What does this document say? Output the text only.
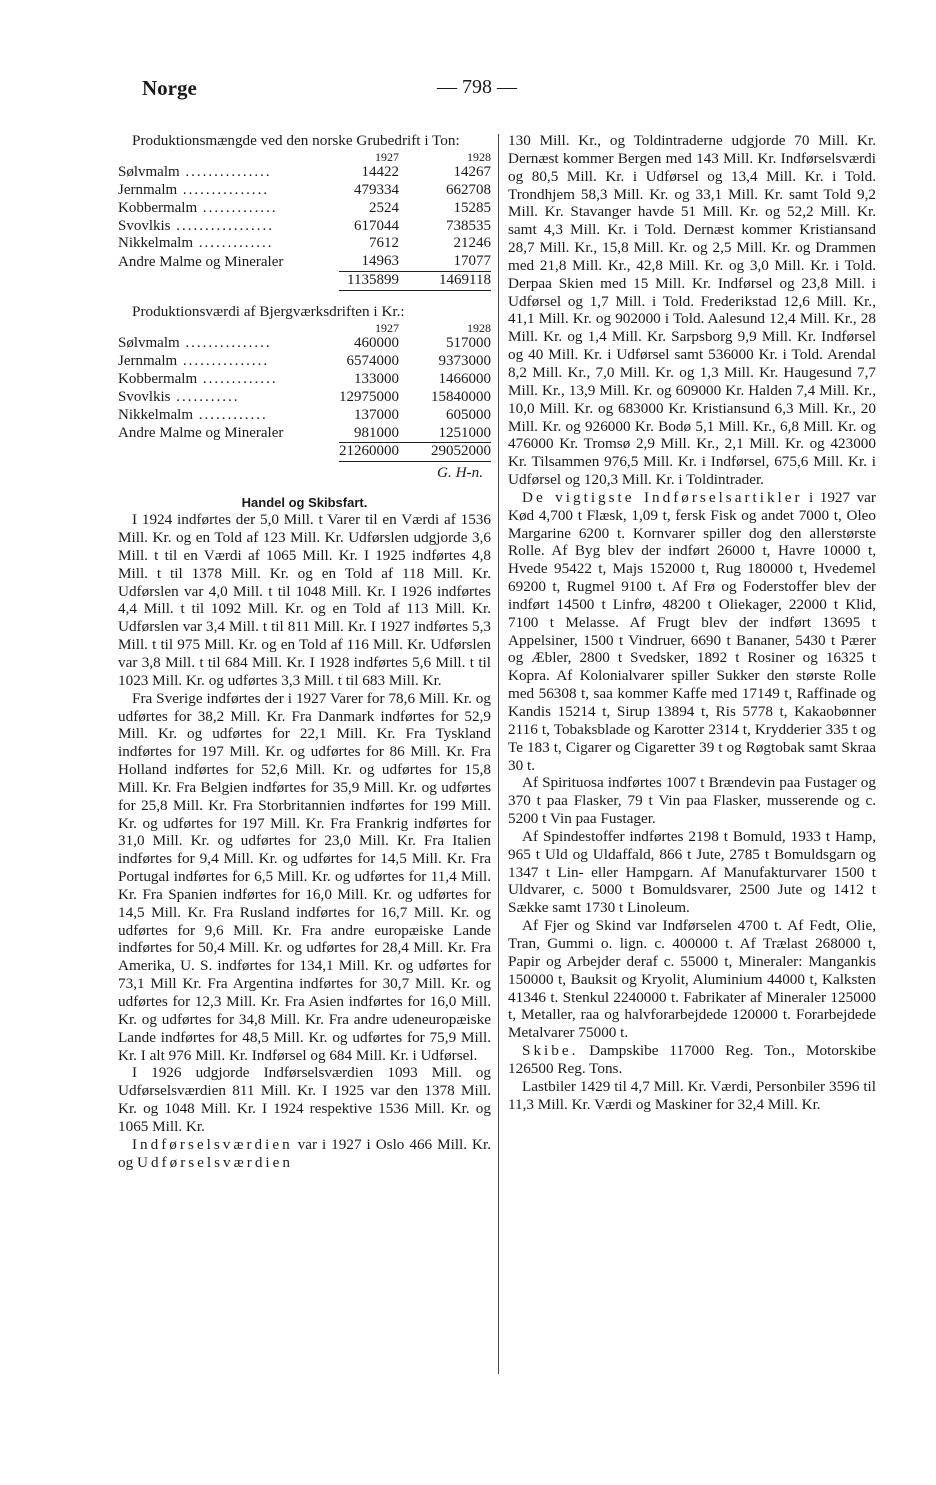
Norge	— 798 —

Produktionsmængde ved den norske Grubedrift i Ton:

	1927	1928
Sølvmalm ...............	14422	14267
Jernmalm ...............	479334	662708
Kobbermalm .............	2524	15285
Svovlkis .................	617044	738535
Nikkelmalm .............	7612	21246
Andre Malme og Mineraler	14963	17077
	1135899	1469118

Produktionsværdi af Bjergværksdriften i Kr.:

	1927	1928
Sølvmalm ...............	460000	517000
Jernmalm ...............	6574000	9373000
Kobbermalm .............	133000	1466000
Svovlkis ...........	12975000	15840000
Nikkelmalm ............	137000	605000
Andre Malme og Mineraler	981000	1251000
	21260000	29052000

G. H-n.

Handel og Skibsfart.

I 1924 indførtes der 5,0 Mill. t Varer til en Værdi af 1536 Mill. Kr. og en Told af 123 Mill. Kr. Udførslen udgjorde 3,6 Mill. t til en Værdi af 1065 Mill. Kr. I 1925 indførtes 4,8 Mill. t til 1378 Mill. Kr. og en Told af 118 Mill. Kr. Udførslen var 4,0 Mill. t til 1048 Mill. Kr. I 1926 indførtes 4,4 Mill. t til 1092 Mill. Kr. og en Told af 113 Mill. Kr. Udførslen var 3,4 Mill. t til 811 Mill. Kr. I 1927 indførtes 5,3 Mill. t til 975 Mill. Kr. og en Told af 116 Mill. Kr. Udførslen var 3,8 Mill. t til 684 Mill. Kr. I 1928 indførtes 5,6 Mill. t til 1023 Mill. Kr. og udførtes 3,3 Mill. t til 683 Mill. Kr.

Fra Sverige indførtes der i 1927 Varer for 78,6 Mill. Kr. og udførtes for 38,2 Mill. Kr. Fra Danmark indførtes for 52,9 Mill. Kr. og udførtes for 22,1 Mill. Kr. Fra Tyskland indførtes for 197 Mill. Kr. og udførtes for 86 Mill. Kr. Fra Holland indførtes for 52,6 Mill. Kr. og udførtes for 15,8 Mill. Kr. Fra Belgien indførtes for 35,9 Mill. Kr. og udførtes for 25,8 Mill. Kr. Fra Storbritannien indførtes for 199 Mill. Kr. og udførtes for 197 Mill. Kr. Fra Frankrig indførtes for 31,0 Mill. Kr. og udførtes for 23,0 Mill. Kr. Fra Italien indførtes for 9,4 Mill. Kr. og udførtes for 14,5 Mill. Kr. Fra Portugal indførtes for 6,5 Mill. Kr. og udførtes for 11,4 Mill. Kr. Fra Spanien indførtes for 16,0 Mill. Kr. og udførtes for 14,5 Mill. Kr. Fra Rusland indførtes for 16,7 Mill. Kr. og udførtes for 9,6 Mill. Kr. Fra andre europæiske Lande indførtes for 50,4 Mill. Kr. og udførtes for 28,4 Mill. Kr. Fra Amerika, U. S. indførtes for 134,1 Mill. Kr. og udførtes for 73,1 Mill Kr. Fra Argentina indførtes for 30,7 Mill. Kr. og udførtes for 12,3 Mill. Kr. Fra Asien indførtes for 16,0 Mill. Kr. og udførtes for 34,8 Mill. Kr. Fra andre udeneuropæiske Lande indførtes for 48,5 Mill. Kr. og udførtes for 75,9 Mill. Kr. I alt 976 Mill. Kr. Indførsel og 684 Mill. Kr. i Udførsel.

I 1926 udgjorde Indførselsværdien 1093 Mill. og Udførselsværdien 811 Mill. Kr. I 1925 var den 1378 Mill. Kr. og 1048 Mill. Kr. I 1924 respektive 1536 Mill. Kr. og 1065 Mill. Kr.

Indførselsværdien var i 1927 i Oslo 466 Mill. Kr. og Udførselsværdien

130 Mill. Kr., og Toldintraderne udgjorde 70 Mill. Kr. Dernæst kommer Bergen med 143 Mill. Kr. Indførselsværdi og 80,5 Mill. Kr. i Udførsel og 13,4 Mill. Kr. i Told. Trondhjem 58,3 Mill. Kr. og 33,1 Mill. Kr. samt Told 9,2 Mill. Kr. Stavanger havde 51 Mill. Kr. og 52,2 Mill. Kr. samt 4,3 Mill. Kr. i Told. Dernæst kommer Kristiansand 28,7 Mill. Kr., 15,8 Mill. Kr. og 2,5 Mill. Kr. og Drammen med 21,8 Mill. Kr., 42,8 Mill. Kr. og 3,0 Mill. Kr. i Told. Derpaa Skien med 15 Mill. Kr. Indførsel og 23,8 Mill. i Udførsel og 1,7 Mill. i Told. Frederikstad 12,6 Mill. Kr., 41,1 Mill. Kr. og 902000 i Told. Aalesund 12,4 Mill. Kr., 28 Mill. Kr. og 1,4 Mill. Kr. Sarpsborg 9,9 Mill. Kr. Indførsel og 40 Mill. Kr. i Udførsel samt 536000 Kr. i Told. Arendal 8,2 Mill. Kr., 7,0 Mill. Kr. og 1,3 Mill. Kr. Haugesund 7,7 Mill. Kr., 13,9 Mill. Kr. og 609000 Kr. Halden 7,4 Mill. Kr., 10,0 Mill. Kr. og 683000 Kr. Kristiansund 6,3 Mill. Kr., 20 Mill. Kr. og 926000 Kr. Bodø 5,1 Mill. Kr., 6,8 Mill. Kr. og 476000 Kr. Tromsø 2,9 Mill. Kr., 2,1 Mill. Kr. og 423000 Kr. Tilsammen 976,5 Mill. Kr. i Indførsel, 675,6 Mill. Kr. i Udførsel og 120,3 Mill. Kr. i Toldintrader.

De vigtigste Indførselsartikler i 1927 var Kød 4,700 t Flæsk, 1,09 t, fersk Fisk og andet 7000 t, Oleo Margarine 6200 t. Kornvarer spiller dog den allerstørste Rolle. Af Byg blev der indført 26000 t, Havre 10000 t, Hvede 95422 t, Majs 152000 t, Rug 180000 t, Hvedemel 69200 t, Rugmel 9100 t. Af Frø og Foderstoffer blev der indført 14500 t Linfrø, 48200 t Oliekager, 22000 t Klid, 7100 t Melasse. Af Frugt blev der indført 13695 t Appelsiner, 1500 t Vindruer, 6690 t Bananer, 5430 t Pærer og Æbler, 2800 t Svedsker, 1892 t Rosiner og 16325 t Kopra. Af Kolonialvarer spiller Sukker den største Rolle med 56308 t, saa kommer Kaffe med 17149 t, Raffinade og Kandis 15214 t, Sirup 13894 t, Ris 5778 t, Kakaobønner 2116 t, Tobaksblade og Karotter 2314 t, Krydderier 335 t og Te 183 t, Cigarer og Cigaretter 39 t og Røgtobak samt Skraa 30 t.

Af Spirituosa indførtes 1007 t Brændevin paa Fustager og 370 t paa Flasker, 79 t Vin paa Flasker, musserende og c. 5200 t Vin paa Fustager.

Af Spindestoffer indførtes 2198 t Bomuld, 1933 t Hamp, 965 t Uld og Uldaffald, 866 t Jute, 2785 t Bomuldsgarn og 1347 t Lin- eller Hampgarn. Af Manufakturvarer 1500 t Uldvarer, c. 5000 t Bomuldsvarer, 2500 Jute og 1412 t Sække samt 1730 t Linoleum.

Af Fjer og Skind var Indførselen 4700 t. Af Fedt, Olie, Tran, Gummi o. lign. c. 400000 t. Af Trælast 268000 t, Papir og Arbejder deraf c. 55000 t, Mineraler: Mangankis 150000 t, Bauksit og Kryolit, Aluminium 44000 t, Kalksten 41346 t. Stenkul 2240000 t. Fabrikater af Mineraler 125000 t, Metaller, raa og halvforarbejdede 120000 t. Forarbejdede Metalvarer 75000 t.

Skibe. Dampskibe 117000 Reg. Ton., Motorskibe 126500 Reg. Tons.

Lastbiler 1429 til 4,7 Mill. Kr. Værdi, Personbiler 3596 til 11,3 Mill. Kr. Værdi og Maskiner for 32,4 Mill. Kr.
